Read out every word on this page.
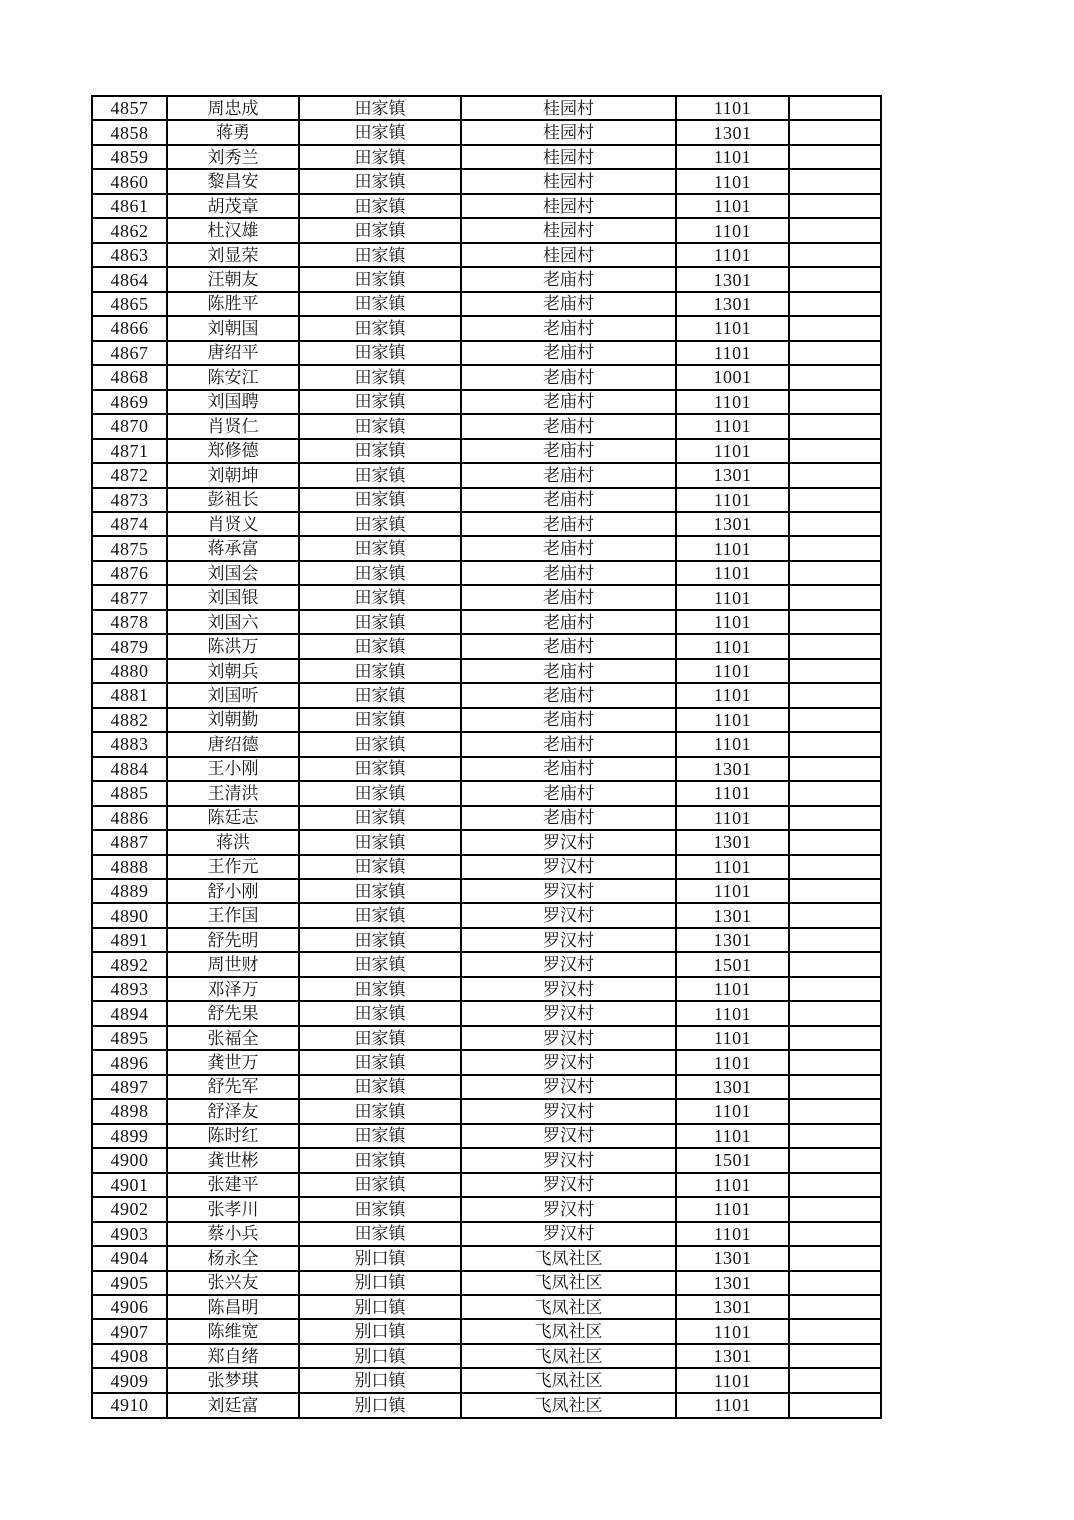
4857	周忠成	田家镇	桂园村	1101	
4858	蒋勇	田家镇	桂园村	1301	
4859	刘秀兰	田家镇	桂园村	1101	
4860	黎昌安	田家镇	桂园村	1101	
4861	胡茂章	田家镇	桂园村	1101	
4862	杜汉雄	田家镇	桂园村	1101	
4863	刘显荣	田家镇	桂园村	1101	
4864	汪朝友	田家镇	老庙村	1301	
4865	陈胜平	田家镇	老庙村	1301	
4866	刘朝国	田家镇	老庙村	1101	
4867	唐绍平	田家镇	老庙村	1101	
4868	陈安江	田家镇	老庙村	1001	
4869	刘国聘	田家镇	老庙村	1101	
4870	肖贤仁	田家镇	老庙村	1101	
4871	郑修德	田家镇	老庙村	1101	
4872	刘朝坤	田家镇	老庙村	1301	
4873	彭祖长	田家镇	老庙村	1101	
4874	肖贤义	田家镇	老庙村	1301	
4875	蒋承富	田家镇	老庙村	1101	
4876	刘国会	田家镇	老庙村	1101	
4877	刘国银	田家镇	老庙村	1101	
4878	刘国六	田家镇	老庙村	1101	
4879	陈洪万	田家镇	老庙村	1101	
4880	刘朝兵	田家镇	老庙村	1101	
4881	刘国听	田家镇	老庙村	1101	
4882	刘朝勤	田家镇	老庙村	1101	
4883	唐绍德	田家镇	老庙村	1101	
4884	王小刚	田家镇	老庙村	1301	
4885	王清洪	田家镇	老庙村	1101	
4886	陈廷志	田家镇	老庙村	1101	
4887	蒋洪	田家镇	罗汉村	1301	
4888	王作元	田家镇	罗汉村	1101	
4889	舒小刚	田家镇	罗汉村	1101	
4890	王作国	田家镇	罗汉村	1301	
4891	舒先明	田家镇	罗汉村	1301	
4892	周世财	田家镇	罗汉村	1501	
4893	邓泽万	田家镇	罗汉村	1101	
4894	舒先果	田家镇	罗汉村	1101	
4895	张福全	田家镇	罗汉村	1101	
4896	龚世万	田家镇	罗汉村	1101	
4897	舒先军	田家镇	罗汉村	1301	
4898	舒泽友	田家镇	罗汉村	1101	
4899	陈时红	田家镇	罗汉村	1101	
4900	龚世彬	田家镇	罗汉村	1501	
4901	张建平	田家镇	罗汉村	1101	
4902	张孝川	田家镇	罗汉村	1101	
4903	蔡小兵	田家镇	罗汉村	1101	
4904	杨永全	别口镇	飞凤社区	1301	
4905	张兴友	别口镇	飞凤社区	1301	
4906	陈昌明	别口镇	飞凤社区	1301	
4907	陈维宽	别口镇	飞凤社区	1101	
4908	郑自绪	别口镇	飞凤社区	1301	
4909	张梦琪	别口镇	飞凤社区	1101	
4910	刘廷富	别口镇	飞凤社区	1101	
